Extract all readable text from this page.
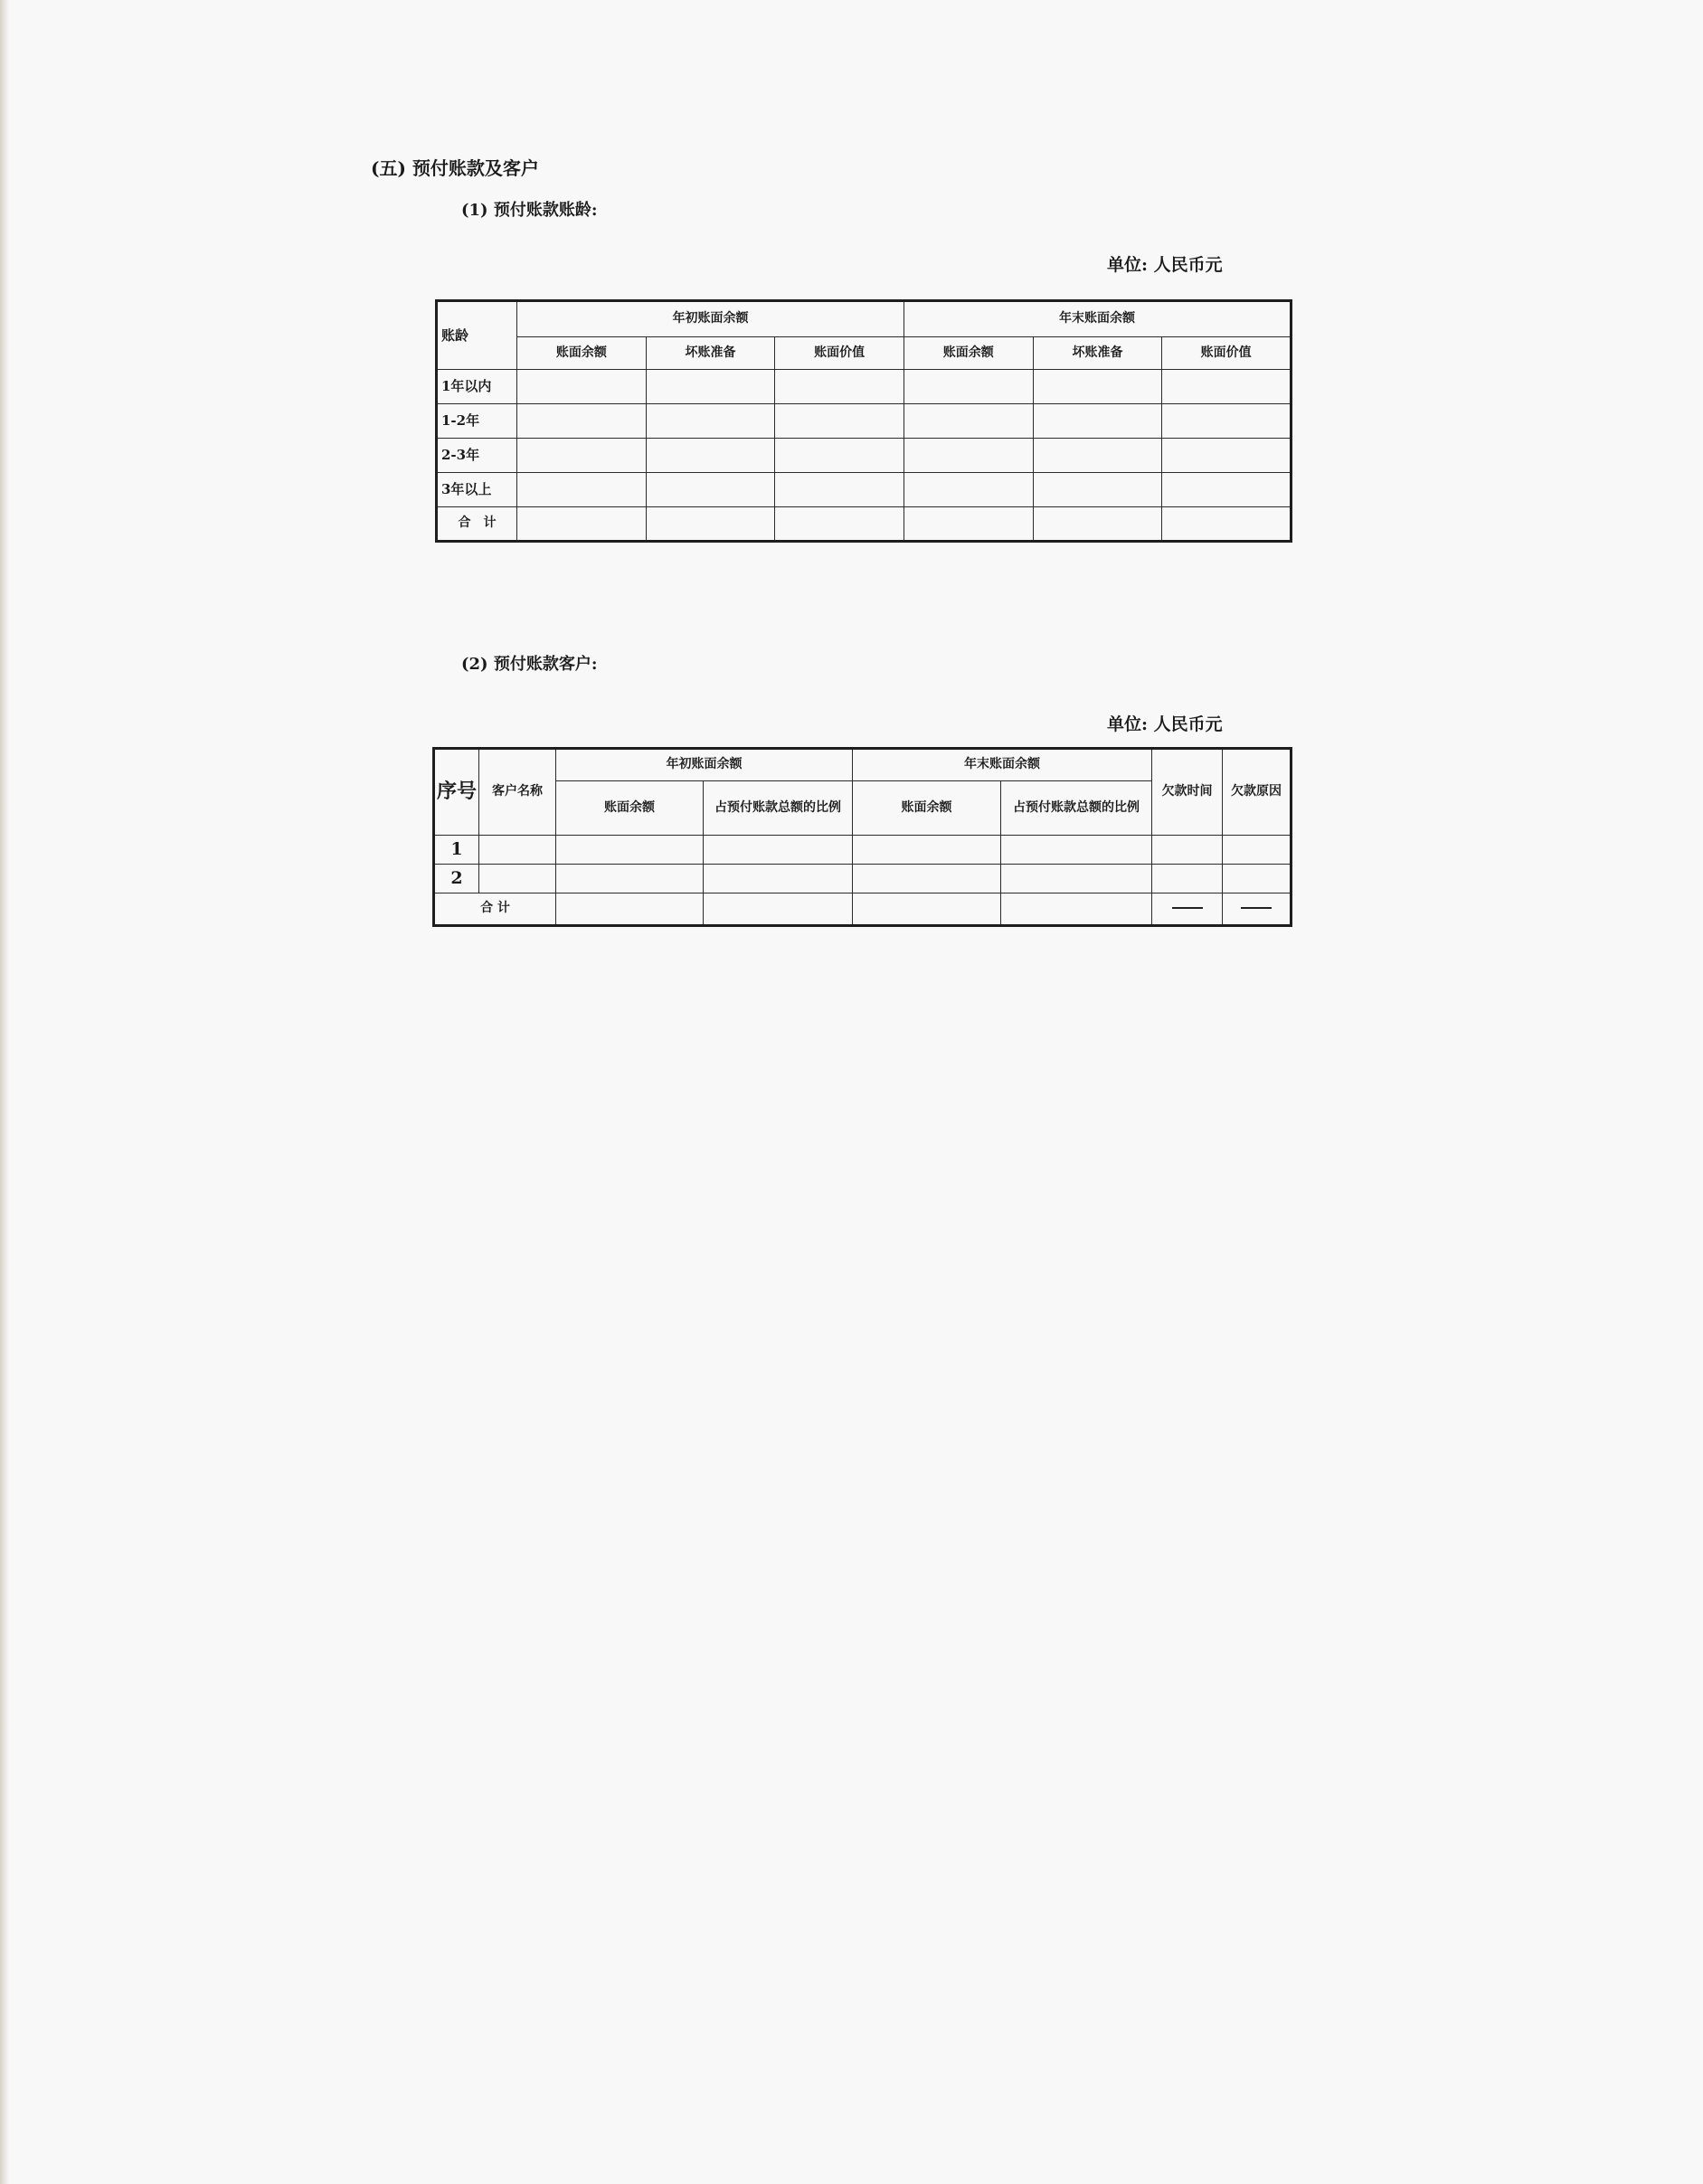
(五) 预付账款及客户
(1) 预付账款账龄:
单位: 人民币元
账龄	年初账面余额			年末账面余额		
	账面余额	坏账准备	账面价值	账面余额	坏账准备	账面价值
1年以内						
1-2年						
2-3年						
3年以上						
合　计						
(2) 预付账款客户:
单位: 人民币元
序号	客户名称	年初账面余额		年末账面余额		欠款时间	欠款原因
		账面余额	占预付账款总额的比例	账面余额	占预付账款总额的比例		
1							
2							
合 计							
